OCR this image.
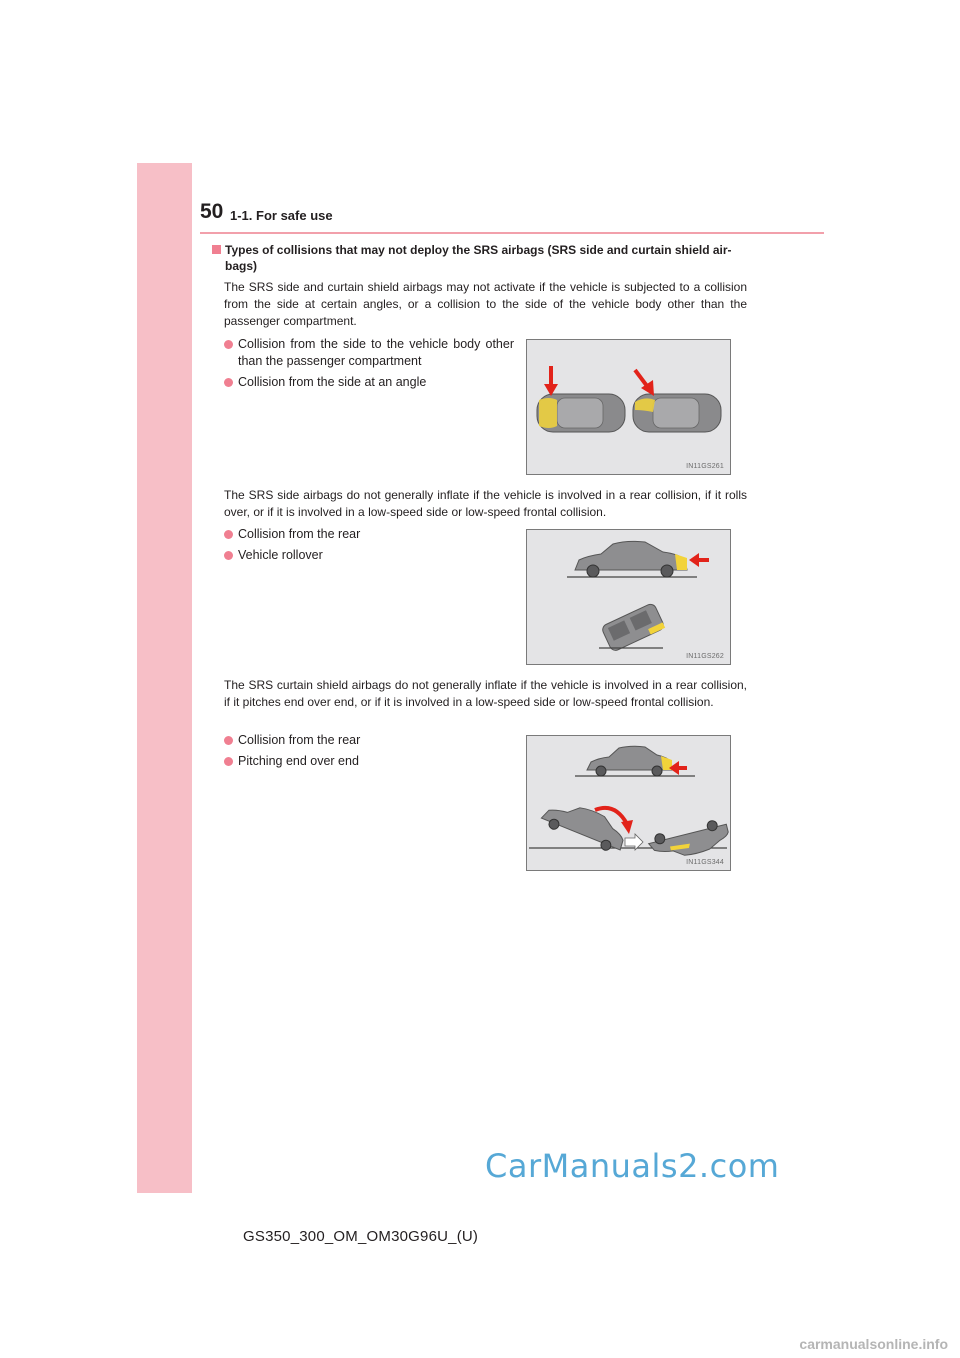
50 1-1. For safe use
Types of collisions that may not deploy the SRS airbags (SRS side and curtain shield air-bags)
The SRS side and curtain shield airbags may not activate if the vehicle is subjected to a collision from the side at certain angles, or a collision to the side of the vehicle body other than the passenger compartment.
Collision from the side to the vehicle body other than the passenger compartment
Collision from the side at an angle
IN11GS261
The SRS side airbags do not generally inflate if the vehicle is involved in a rear collision, if it rolls over, or if it is involved in a low-speed side or low-speed frontal collision.
Collision from the rear
Vehicle rollover
IN11GS262
The SRS curtain shield airbags do not generally inflate if the vehicle is involved in a rear collision, if it pitches end over end, or if it is involved in a low-speed side or low-speed frontal collision.
Collision from the rear
Pitching end over end
IN11GS344
CarManuals2.com
GS350_300_OM_OM30G96U_(U)
carmanualsonline.info
